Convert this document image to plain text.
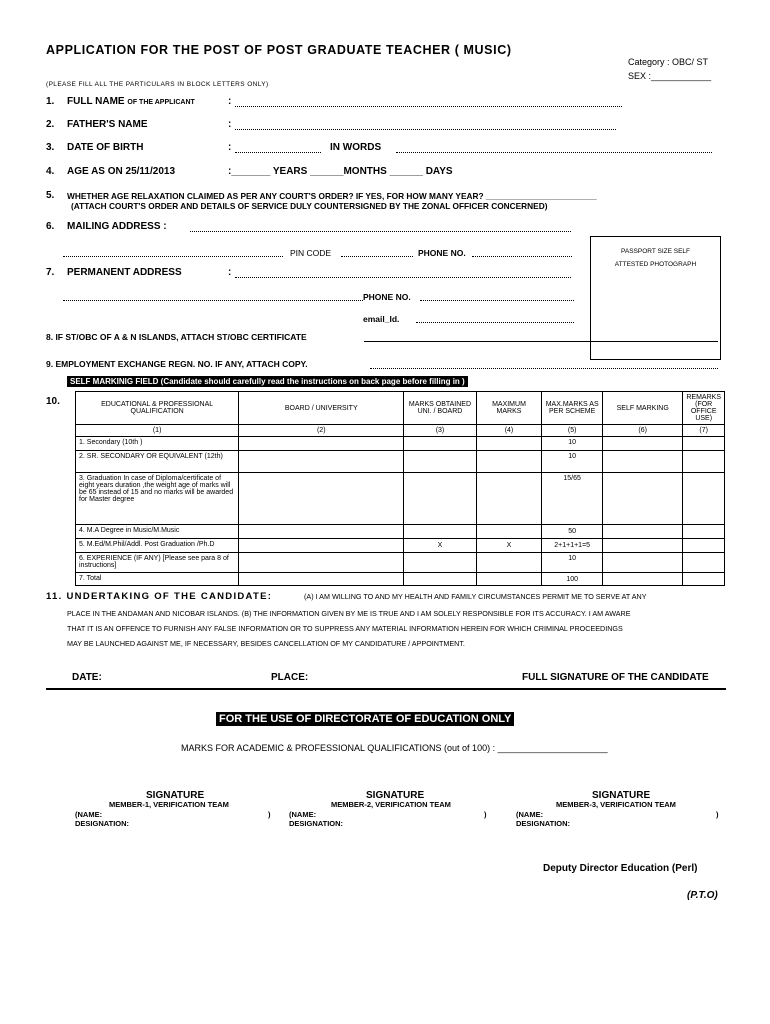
APPLICATION FOR THE POST OF POST GRADUATE TEACHER ( MUSIC)
Category : OBC/ ST
SEX :____________
(PLEASE FILL ALL THE PARTICULARS IN BLOCK LETTERS ONLY)
1. FULL NAME OF THE APPLICANT	:
2. FATHER'S NAME	:
3. DATE OF BIRTH	:	IN WORDS
4. AGE AS ON 25/11/2013	:_______ YEARS ______MONTHS ______ DAYS
5. WHETHER AGE RELAXATION CLAIMED AS PER ANY COURT'S ORDER? IF YES, FOR HOW MANY YEAR? ________________________
(ATTACH COURT'S ORDER AND DETAILS OF SERVICE DULY COUNTERSIGNED BY THE ZONAL OFFICER CONCERNED)
6. MAILING ADDRESS :
PIN CODE	PHONE NO.	PASSPORT SIZE SELF
ATTESTED PHOTOGRAPH
7. PERMANENT ADDRESS	:
PHONE NO.
email_Id.
8. IF ST/OBC OF A & N ISLANDS, ATTACH ST/OBC CERTIFICATE
9. EMPLOYMENT EXCHANGE REGN. NO. IF ANY, ATTACH COPY.
SELF MARKINIG FIELD (Candidate should carefully read the instructions on back page before filling in )
10.	EDUCATIONAL & PROFESSIONAL QUALIFICATION	BOARD / UNIVERSITY	MARKS OBTAINED UNI. / BOARD	MAXIMUM MARKS	MAX.MARKS AS PER SCHEME	SELF MARKING	REMARKS (FOR OFFICE USE)
(1)	(2)	(3)	(4)	(5)	(6)	(7)
1. Secondary (10th )				10		
2. SR. SECONDARY OR EQUIVALENT (12th)				10		
3. Graduation In case of Diploma/certificate of eight years duration ,the weight age of marks will be 65 instead of 15 and no marks will be awarded for Master degree				15/65		
4. M.A Degree in Music/M.Music				50		
5. M.Ed/M.Phil/Addl. Post Graduation /Ph.D		X	X	2+1+1+1=5		
6. EXPERIENCE (IF ANY) [Please see para 8 of instructions]				10		
7. Total				100		
11. UNDERTAKING OF THE CANDIDATE:	(A) I AM WILLING TO AND MY HEALTH AND FAMILY CIRCUMSTANCES PERMIT ME TO SERVE AT ANY
PLACE IN THE ANDAMAN AND NICOBAR ISLANDS. (B) THE INFORMATION GIVEN BY ME IS TRUE AND I AM SOLELY RESPONSIBLE FOR ITS ACCURACY. I AM AWARE
THAT IT IS AN OFFENCE TO FURNISH ANY FALSE INFORMATION OR TO SUPPRESS ANY MATERIAL INFORMATION HEREIN FOR WHICH CRIMINAL PROCEEDINGS
MAY BE LAUNCHED AGAINST ME, IF NECESSARY, BESIDES CANCELLATION OF MY CANDIDATURE / APPOINTMENT.
DATE:	PLACE:	FULL SIGNATURE OF THE CANDIDATE
FOR THE USE OF DIRECTORATE OF EDUCATION ONLY
MARKS FOR ACADEMIC & PROFESSIONAL QUALIFICATIONS (out of 100) : ______________________
SIGNATURE
MEMBER-1, VERIFICATION TEAM
(NAME:
DESIGNATION:
)
SIGNATURE
MEMBER-2, VERIFICATION TEAM
(NAME:
DESIGNATION:
)
SIGNATURE
MEMBER-3, VERIFICATION TEAM
(NAME:
DESIGNATION:
)
Deputy Director Education (Perl)
(P.T.O)
